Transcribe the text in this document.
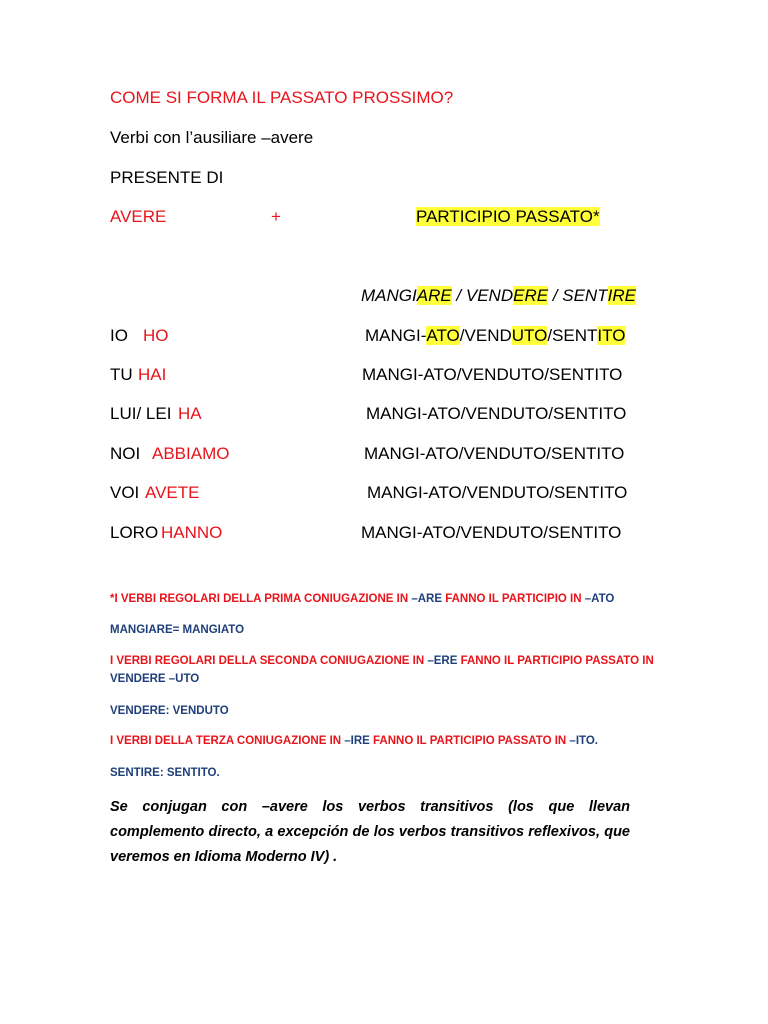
COME SI FORMA IL PASSATO PROSSIMO?
Verbi con l’ausiliare –avere
PRESENTE DI
AVERE	+	PARTICIPIO PASSATO*
MANGIARE / VENDERE / SENTIRE
IO HO	MANGI-ATO/VENDUTO/SENTITO
TU HAI	MANGI-ATO/VENDUTO/SENTITO
LUI/ LEI HA	MANGI-ATO/VENDUTO/SENTITO
NOI ABBIAMO	MANGI-ATO/VENDUTO/SENTITO
VOI AVETE	MANGI-ATO/VENDUTO/SENTITO
LORO HANNO	MANGI-ATO/VENDUTO/SENTITO
*I VERBI REGOLARI DELLA PRIMA CONIUGAZIONE IN –ARE FANNO IL PARTICIPIO IN –ATO
MANGIARE= MANGIATO
I VERBI REGOLARI DELLA SECONDA CONIUGAZIONE IN –ERE FANNO IL PARTICIPIO PASSATO IN
VENDERE –UTO
VENDERE: VENDUTO
I VERBI DELLA TERZA CONIUGAZIONE IN –IRE FANNO IL PARTICIPIO PASSATO IN –ITO.
SENTIRE: SENTITO.
Se conjugan con –avere los verbos transitivos (los que llevan complemento directo, a excepción de los verbos transitivos reflexivos, que veremos en Idioma Moderno IV) .
